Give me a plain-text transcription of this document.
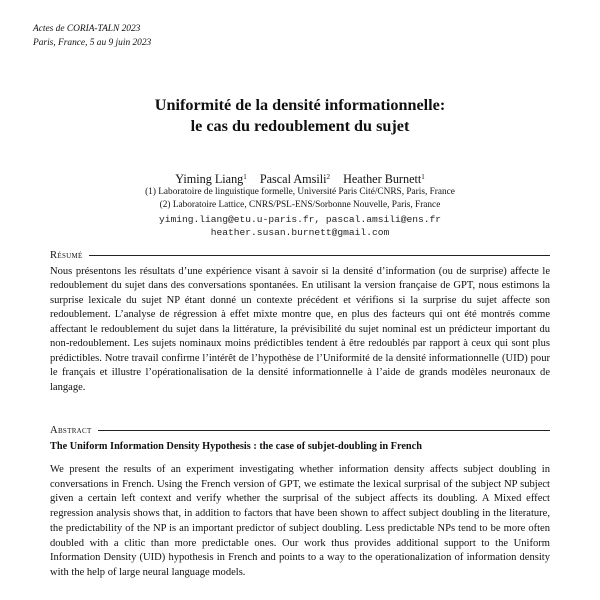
Actes de CORIA-TALN 2023
Paris, France, 5 au 9 juin 2023
Uniformité de la densité informationnelle:
le cas du redoublement du sujet
Yiming Liang$^1$ Pascal Amsili$^2$ Heather Burnett$^1$
(1) Laboratoire de linguistique formelle, Université Paris Cité/CNRS, Paris, France
(2) Laboratoire Lattice, CNRS/PSL-ENS/Sorbonne Nouvelle, Paris, France
yiming.liang@etu.u-paris.fr, pascal.amsili@ens.fr
heather.susan.burnett@gmail.com
Résumé
Nous présentons les résultats d’une expérience visant à savoir si la densité d’information (ou de surprise) affecte le redoublement du sujet dans des conversations spontanées. En utilisant la version française de GPT, nous estimons la surprise lexicale du sujet NP étant donné un contexte précédent et vérifions si la surprise du sujet affecte son redoublement. L’analyse de régression à effet mixte montre que, en plus des facteurs qui ont été montrés comme affectant le redoublement du sujet dans la littérature, la prévisibilité du sujet nominal est un prédicteur important du non-redoublement. Les sujets nominaux moins prédictibles tendent à être redoublés par rapport à ceux qui sont plus prédictibles. Notre travail confirme l’intérêt de l’hypothèse de l’Uniformité de la densité informationnelle (UID) pour le français et illustre l’opérationalisation de la densité informationnelle à l’aide de grands modèles neuronaux de langage.
Abstract
The Uniform Information Density Hypothesis : the case of subjet-doubling in French
We present the results of an experiment investigating whether information density affects subject doubling in conversations in French. Using the French version of GPT, we estimate the lexical surprisal of the subject NP subject given a certain left context and verify whether the surprisal of the subject affects its doubling. A Mixed effect regression analysis shows that, in addition to factors that have been shown to affect subject doubling in the literature, the predictability of the NP is an important predictor of subject doubling. Less predictable NPs tend to be more often doubled with a clitic than more predictable ones. Our work thus provides additional support to the Uniform Information Density (UID) hypothesis in French and points to a way to the operationalization of information density with the help of large neural language models.
